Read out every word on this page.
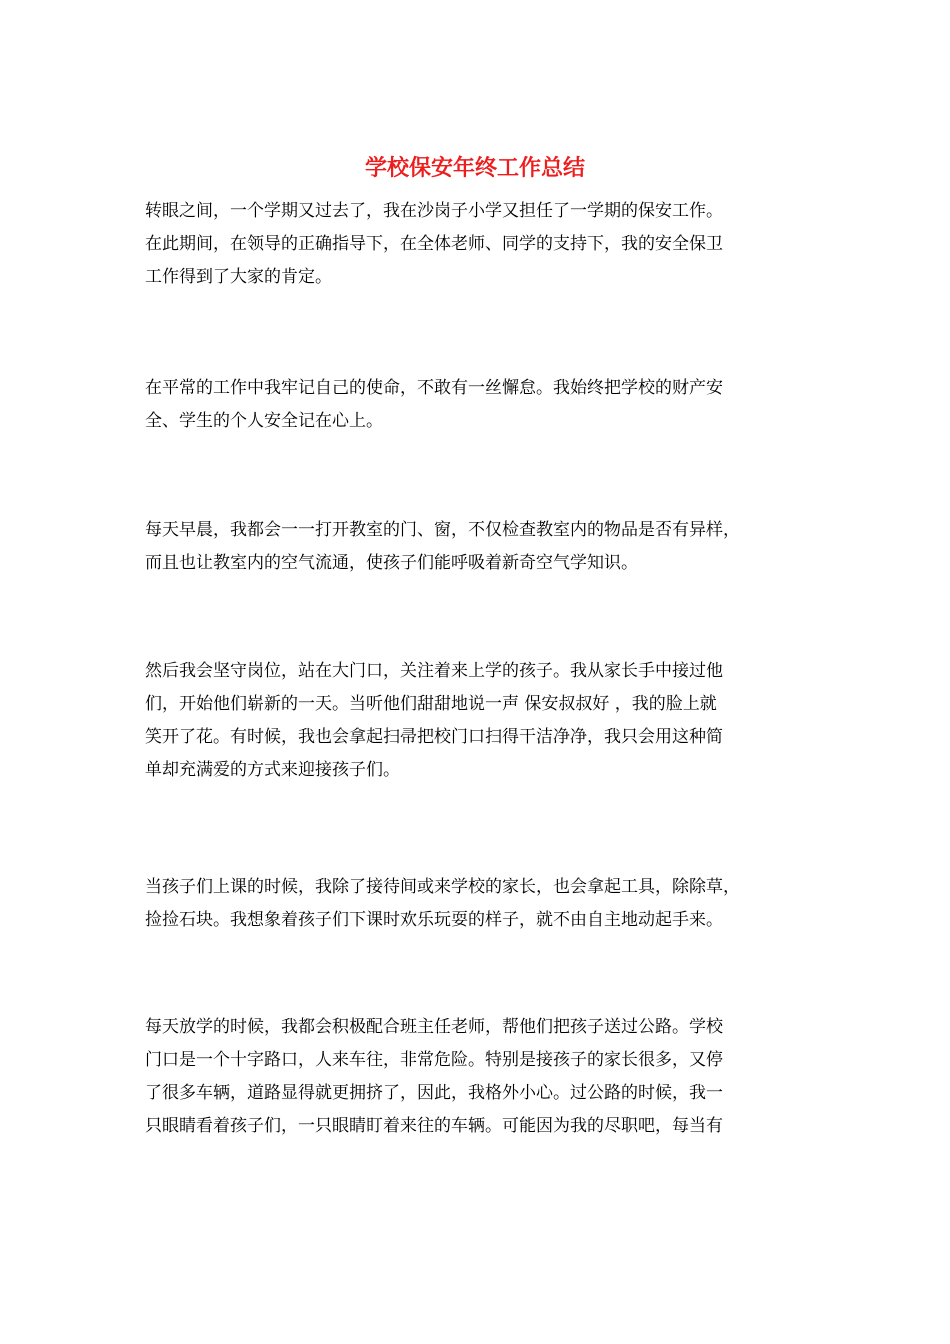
学校保安年终工作总结
转眼之间，一个学期又过去了，我在沙岗子小学又担任了一学期的保安工作。
在此期间，在领导的正确指导下，在全体老师、同学的支持下，我的安全保卫
工作得到了大家的肯定。
在平常的工作中我牢记自己的使命，不敢有一丝懈怠。我始终把学校的财产安
全、学生的个人安全记在心上。
每天早晨，我都会一一打开教室的门、窗，不仅检查教室内的物品是否有异样，
而且也让教室内的空气流通，使孩子们能呼吸着新奇空气学知识。
然后我会坚守岗位，站在大门口，关注着来上学的孩子。我从家长手中接过他
们，开始他们崭新的一天。当听他们甜甜地说一声 保安叔叔好 ，我的脸上就
笑开了花。有时候，我也会拿起扫帚把校门口扫得干洁净净，我只会用这种简
单却充满爱的方式来迎接孩子们。
当孩子们上课的时候，我除了接待间或来学校的家长，也会拿起工具，除除草，
捡捡石块。我想象着孩子们下课时欢乐玩耍的样子，就不由自主地动起手来。
每天放学的时候，我都会积极配合班主任老师，帮他们把孩子送过公路。学校
门口是一个十字路口，人来车往，非常危险。特别是接孩子的家长很多，又停
了很多车辆，道路显得就更拥挤了，因此，我格外小心。过公路的时候，我一
只眼睛看着孩子们，一只眼睛盯着来往的车辆。可能因为我的尽职吧，每当有
